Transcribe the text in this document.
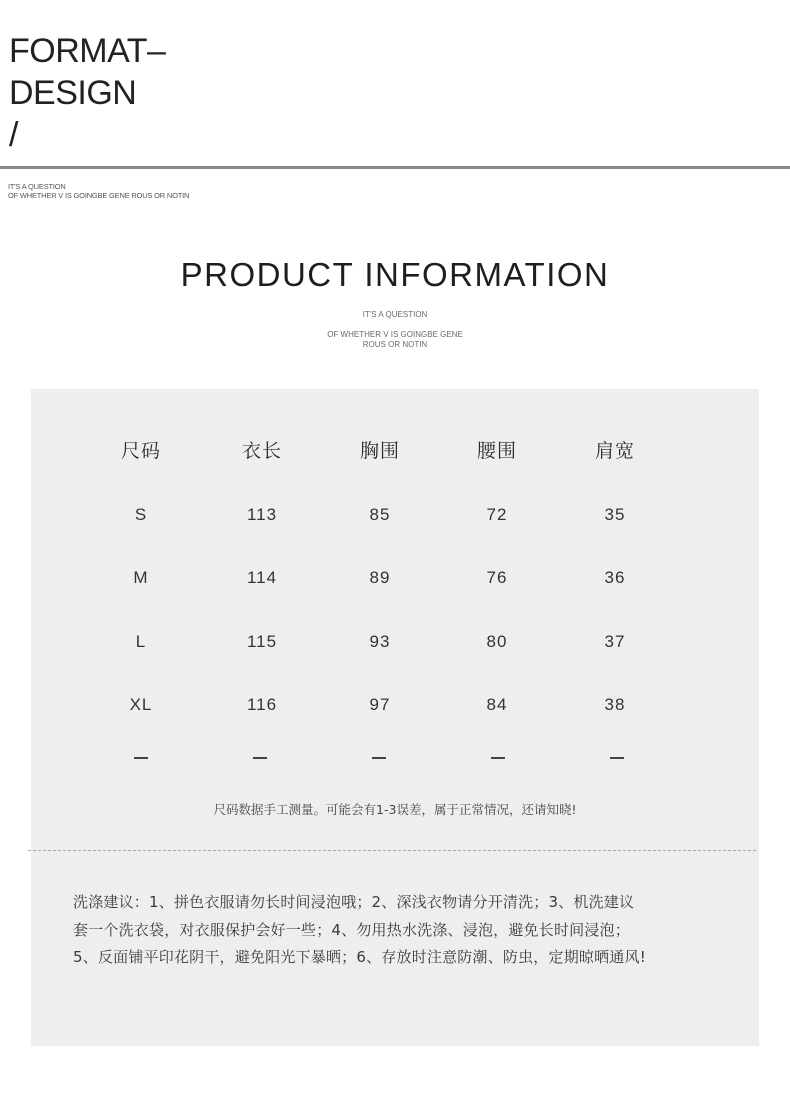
FORMAT–
DESIGN
/
IT'S A QUESTION
OF WHETHER V IS GOINGBE GENE ROUS OR NOTIN
PRODUCT INFORMATION
IT'S A QUESTION
OF WHETHER V IS GOINGBE GENE
ROUS OR NOTIN
尺码	衣长	胸围	腰围	肩宽
S	113	85	72	35
M	114	89	76	36
L	115	93	80	37
XL	116	97	84	38
尺码数据手工测量。可能会有1-3误差，属于正常情况，还请知晓!
洗涤建议：1、拼色衣服请勿长时间浸泡哦；2、深浅衣物请分开清洗；3、机洗建议
套一个洗衣袋，对衣服保护会好一些；4、勿用热水洗涤、浸泡，避免长时间浸泡；
5、反面铺平印花阴干，避免阳光下暴晒；6、存放时注意防潮、防虫，定期晾晒通风!
